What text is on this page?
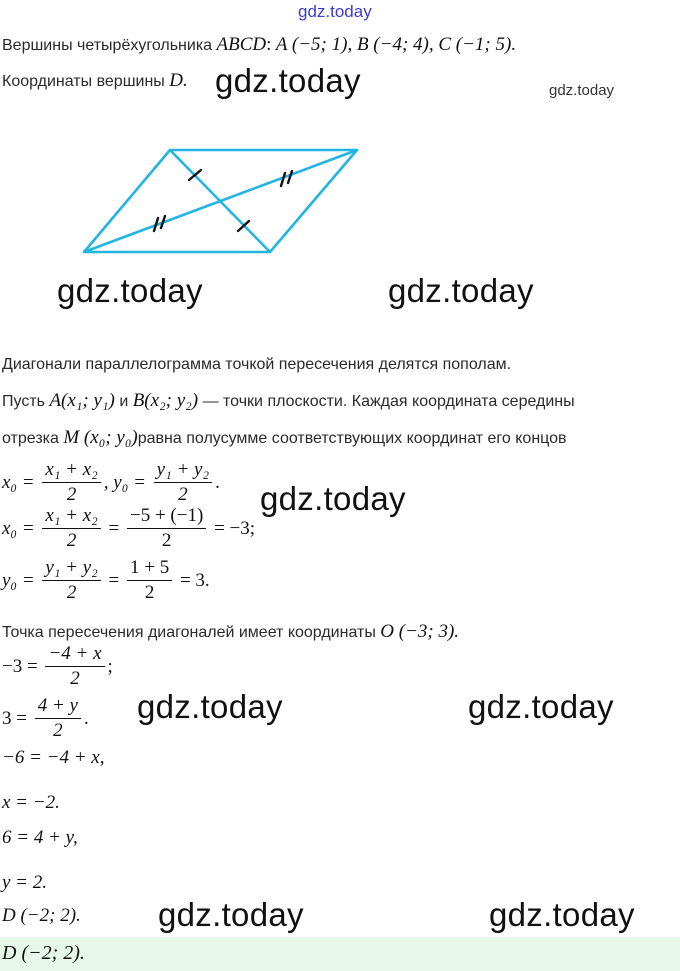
gdz.today
Вершины четырёхугольника ABCD: A (−5; 1), B (−4; 4), C (−1; 5).
Координаты вершины D. gdz.today	gdz.today
gdz.today	gdz.today
Диагонали параллелограмма точкой пересечения делятся пополам.
Пусть A(x₁; y₁) и B(x₂; y₂) — точки плоскости. Каждая координата середины
отрезка M (x₀; y₀)равна полусумме соответствующих координат его концов
$x_0 = \frac{\text{x₁ + x₂}}{2}$ , $y_0 = \frac{\text{y₁ + y₂}}{2}$ . gdz.today
$x_0 = \frac{\text{x₁ + x₂}}{2} = \frac{-5 + (-1)}{2} = -3$;
$y_0 = \frac{\text{y₁ + y₂}}{2} = \frac{1 + 5}{2} = 3$.
Точка пересечения диагоналей имеет координаты O (−3; 3).
$-3 = \frac{-4 + x}{2}$ ;
$3 = \frac{4 + y}{2}$ . gdz.today	gdz.today
−6 = −4 + x,
x = −2.
6 = 4 + y,
y = 2.
D (−2; 2). gdz.today	gdz.today
D (−2; 2).
